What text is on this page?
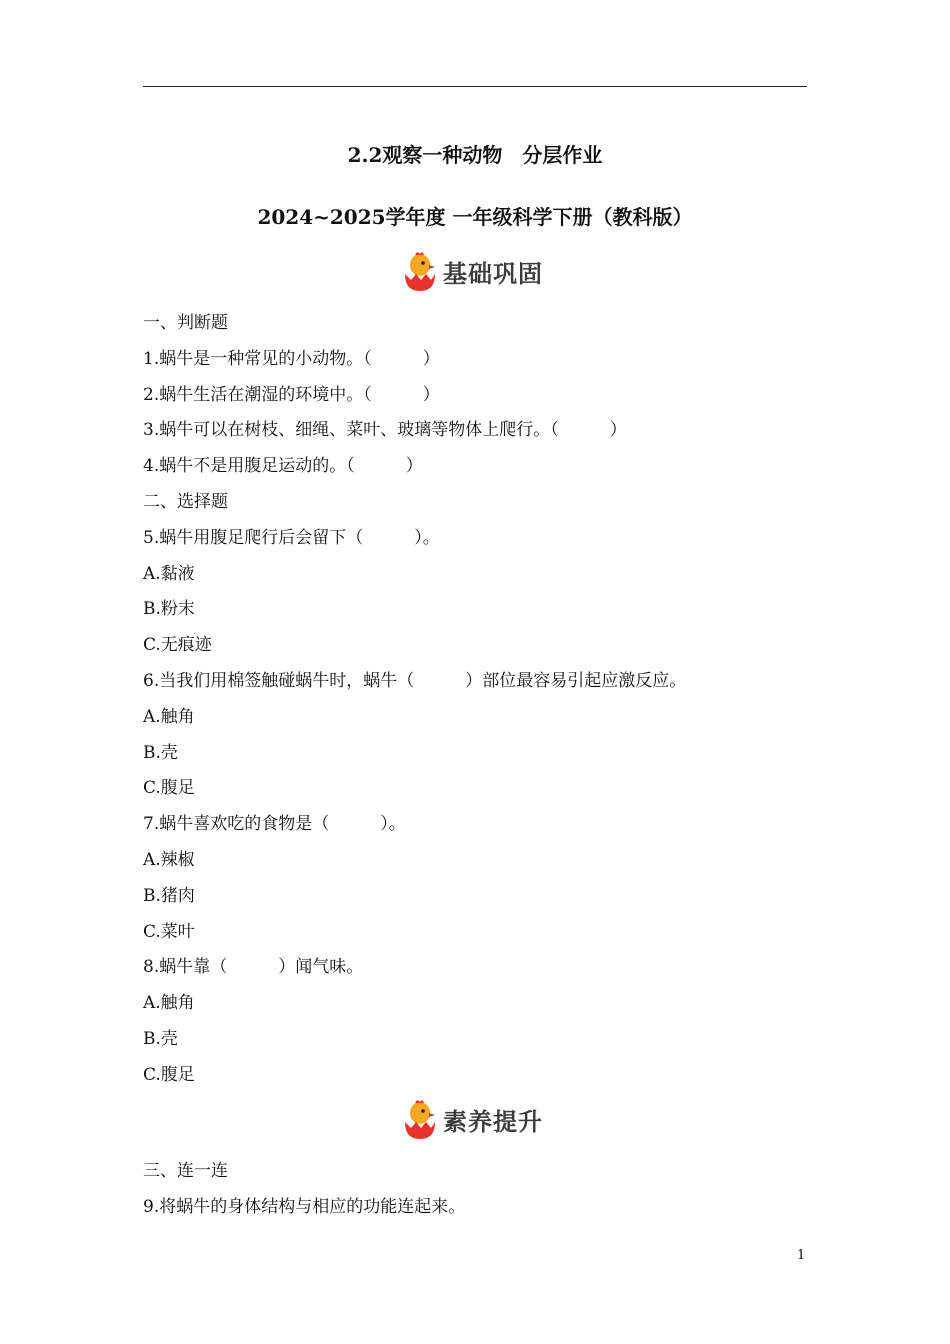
2.2观察一种动物　分层作业
2024~2025学年度 一年级科学下册（教科版）
基础巩固
一、判断题
1.蜗牛是一种常见的小动物。（　　　）
2.蜗牛生活在潮湿的环境中。（　　　）
3.蜗牛可以在树枝、细绳、菜叶、玻璃等物体上爬行。（　　　）
4.蜗牛不是用腹足运动的。（　　　）
二、选择题
5.蜗牛用腹足爬行后会留下（　　　）。
A.黏液
B.粉末
C.无痕迹
6.当我们用棉签触碰蜗牛时，蜗牛（　　　）部位最容易引起应激反应。
A.触角
B.壳
C.腹足
7.蜗牛喜欢吃的食物是（　　　）。
A.辣椒
B.猪肉
C.菜叶
8.蜗牛靠（　　　）闻气味。
A.触角
B.壳
C.腹足
三、连一连
9.将蜗牛的身体结构与相应的功能连起来。
素养提升
1
